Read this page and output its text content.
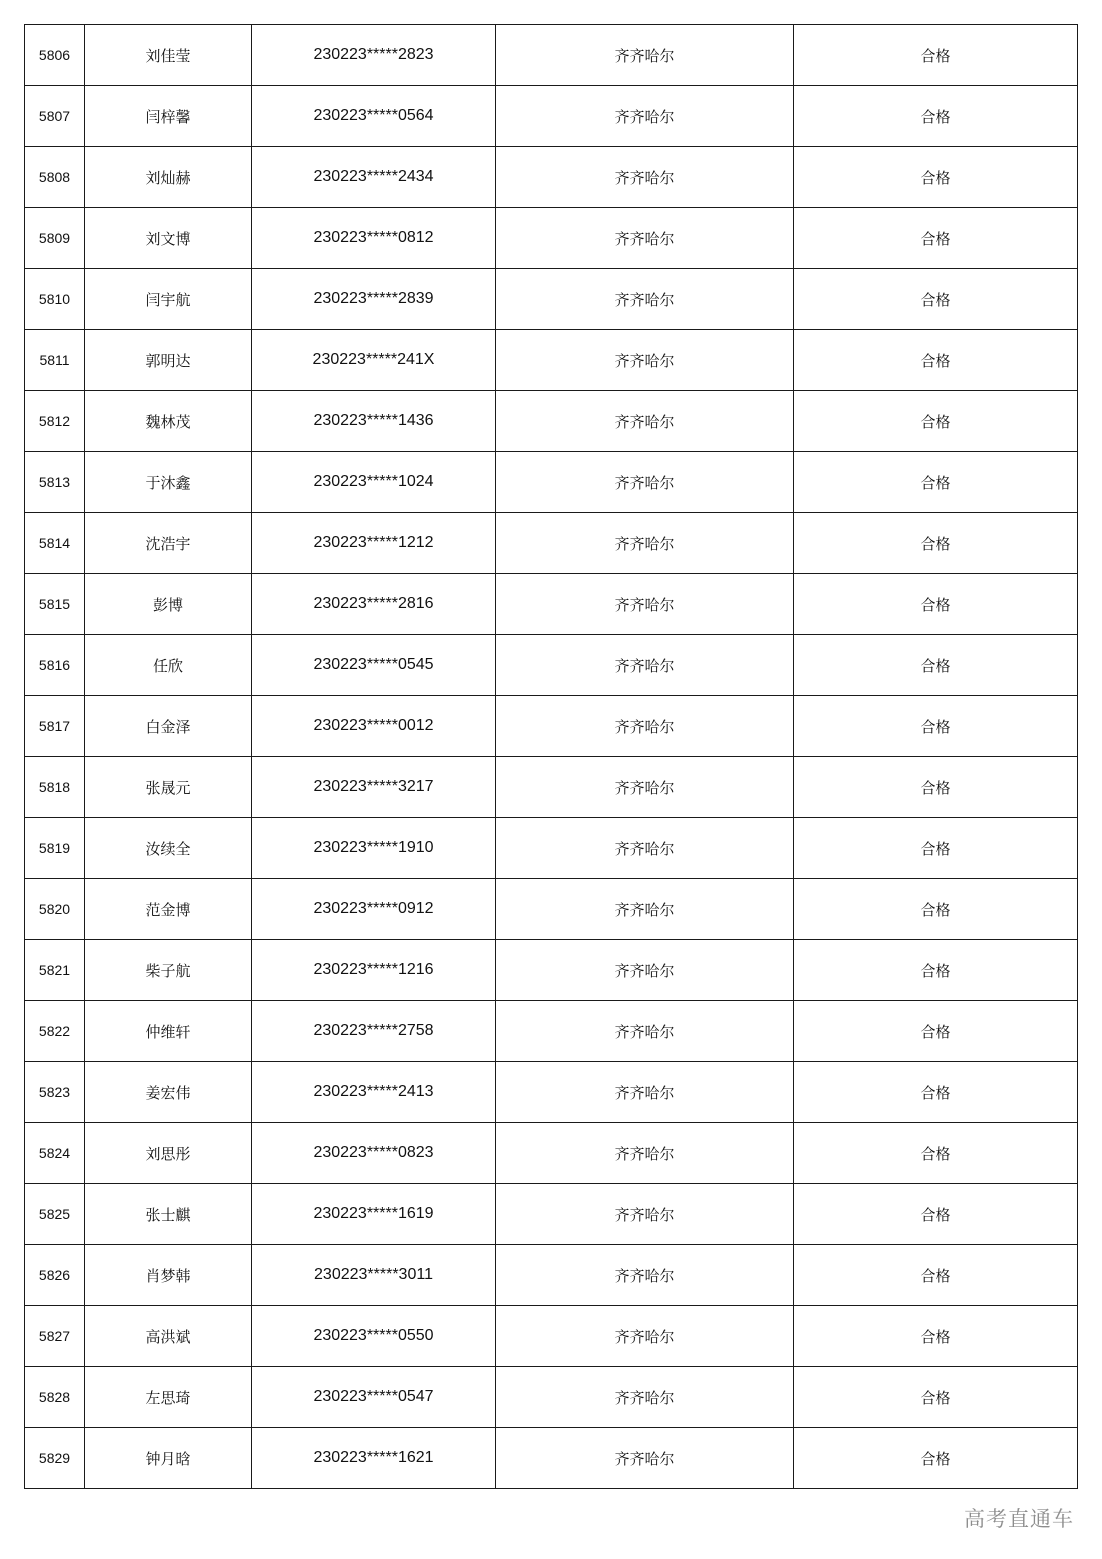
5806	刘佳莹	230223*****2823	齐齐哈尔	合格
5807	闫梓馨	230223*****0564	齐齐哈尔	合格
5808	刘灿赫	230223*****2434	齐齐哈尔	合格
5809	刘文博	230223*****0812	齐齐哈尔	合格
5810	闫宇航	230223*****2839	齐齐哈尔	合格
5811	郭明达	230223*****241X	齐齐哈尔	合格
5812	魏林茂	230223*****1436	齐齐哈尔	合格
5813	于沐鑫	230223*****1024	齐齐哈尔	合格
5814	沈浩宇	230223*****1212	齐齐哈尔	合格
5815	彭博	230223*****2816	齐齐哈尔	合格
5816	任欣	230223*****0545	齐齐哈尔	合格
5817	白金泽	230223*****0012	齐齐哈尔	合格
5818	张晟元	230223*****3217	齐齐哈尔	合格
5819	汝续全	230223*****1910	齐齐哈尔	合格
5820	范金博	230223*****0912	齐齐哈尔	合格
5821	柴子航	230223*****1216	齐齐哈尔	合格
5822	仲维轩	230223*****2758	齐齐哈尔	合格
5823	姜宏伟	230223*****2413	齐齐哈尔	合格
5824	刘思彤	230223*****0823	齐齐哈尔	合格
5825	张士麒	230223*****1619	齐齐哈尔	合格
5826	肖梦韩	230223*****3011	齐齐哈尔	合格
5827	高洪斌	230223*****0550	齐齐哈尔	合格
5828	左思琦	230223*****0547	齐齐哈尔	合格
5829	钟月晗	230223*****1621	齐齐哈尔	合格
高考直通车
